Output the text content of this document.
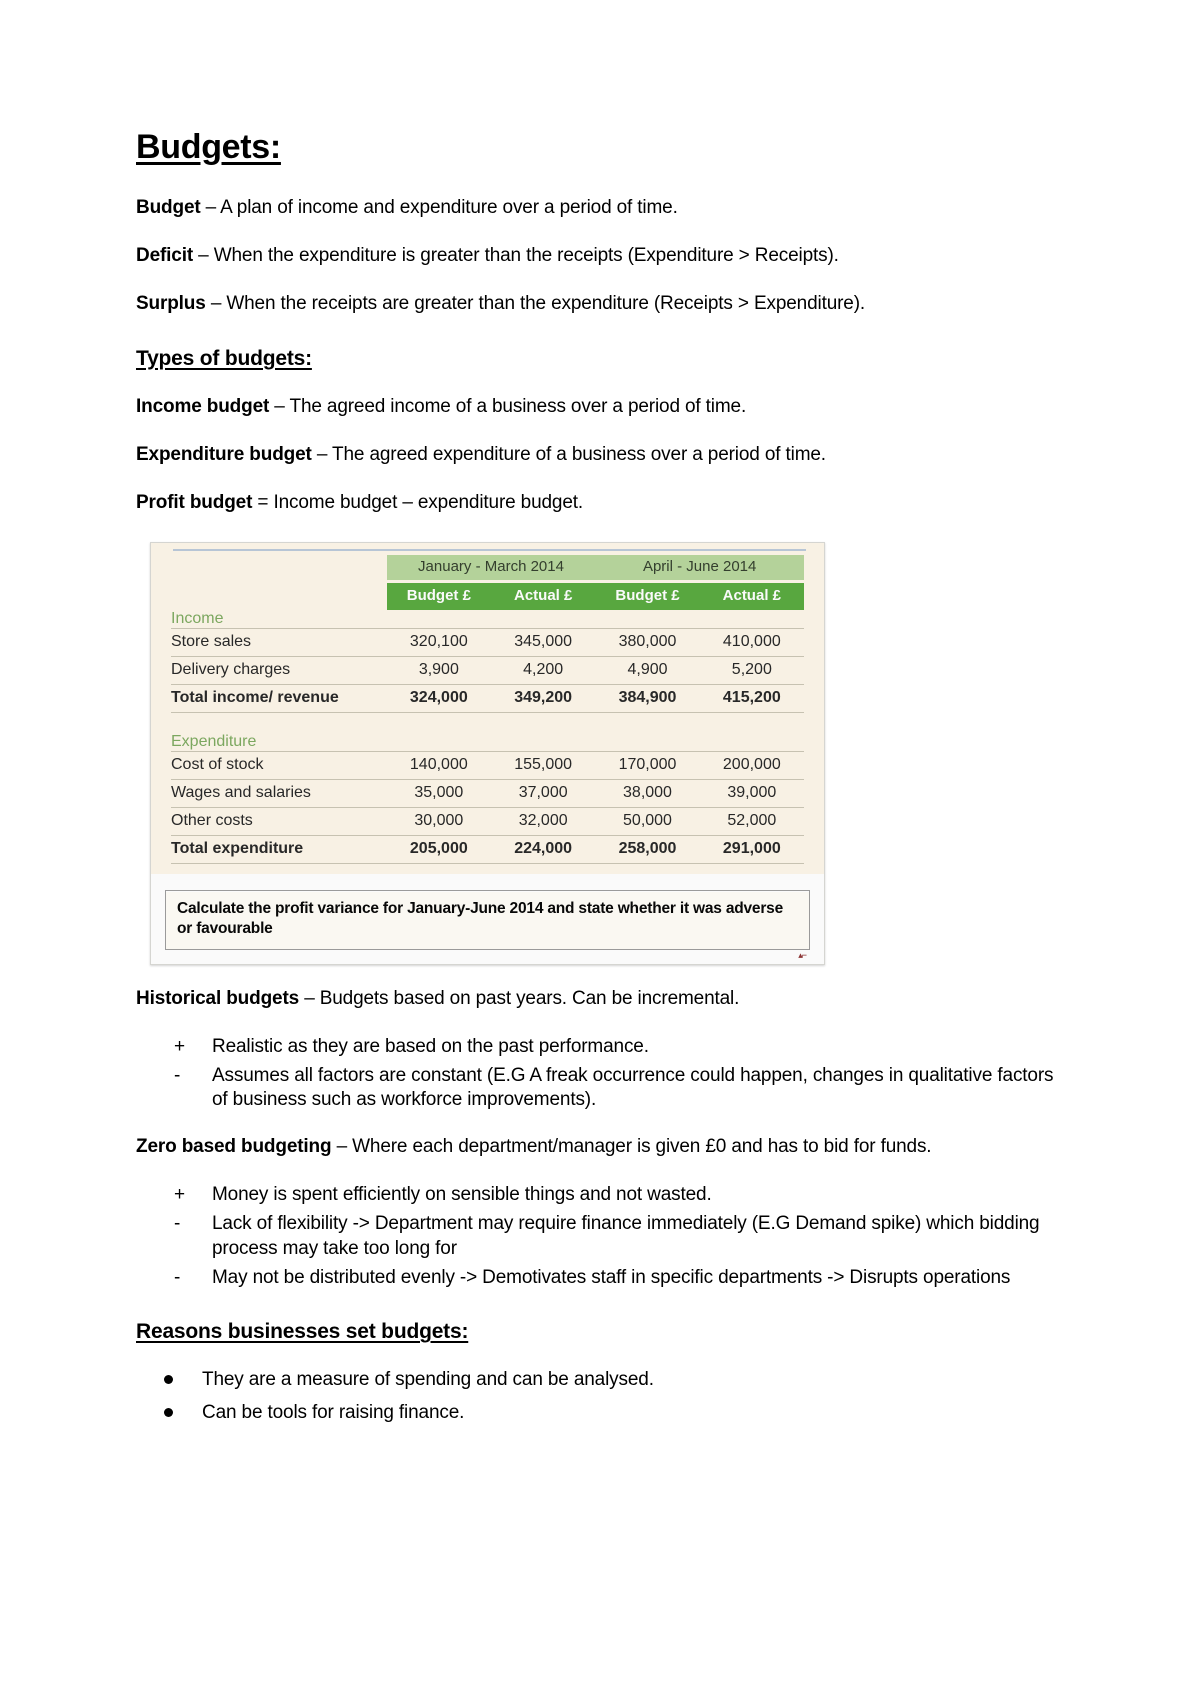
Budgets:

Budget – A plan of income and expenditure over a period of time.

Deficit – When the expenditure is greater than the receipts (Expenditure > Receipts).

Surplus – When the receipts are greater than the expenditure (Receipts > Expenditure).

Types of budgets:

Income budget – The agreed income of a business over a period of time.

Expenditure budget – The agreed expenditure of a business over a period of time.

Profit budget = Income budget – expenditure budget.

	January - March 2014		April - June 2014	

	Budget £	Actual £	Budget £	Actual £

Income				
Store sales	320,100	345,000	380,000	410,000
Delivery charges	3,900	4,200	4,900	5,200
Total income/ revenue	324,000	349,200	384,900	415,200

Expenditure				
Cost of stock	140,000	155,000	170,000	200,000
Wages and salaries	35,000	37,000	38,000	39,000
Other costs	30,000	32,000	50,000	52,000
Total expenditure	205,000	224,000	258,000	291,000
Calculate the profit variance for January-June 2014 and state whether it was adverse or favourable
▴⌐

Historical budgets – Budgets based on past years. Can be incremental.

+	Realistic as they are based on the past performance.
-	Assumes all factors are constant (E.G A freak occurrence could happen, changes in qualitative factors of business such as workforce improvements).

Zero based budgeting – Where each department/manager is given £0 and has to bid for funds.

+	Money is spent efficiently on sensible things and not wasted.
-	Lack of flexibility -> Department may require finance immediately (E.G Demand spike) which bidding process may take too long for
-	May not be distributed evenly -> Demotivates staff in specific departments -> Disrupts operations
Reasons businesses set budgets:
They are a measure of spending and can be analysed.
Can be tools for raising finance.
